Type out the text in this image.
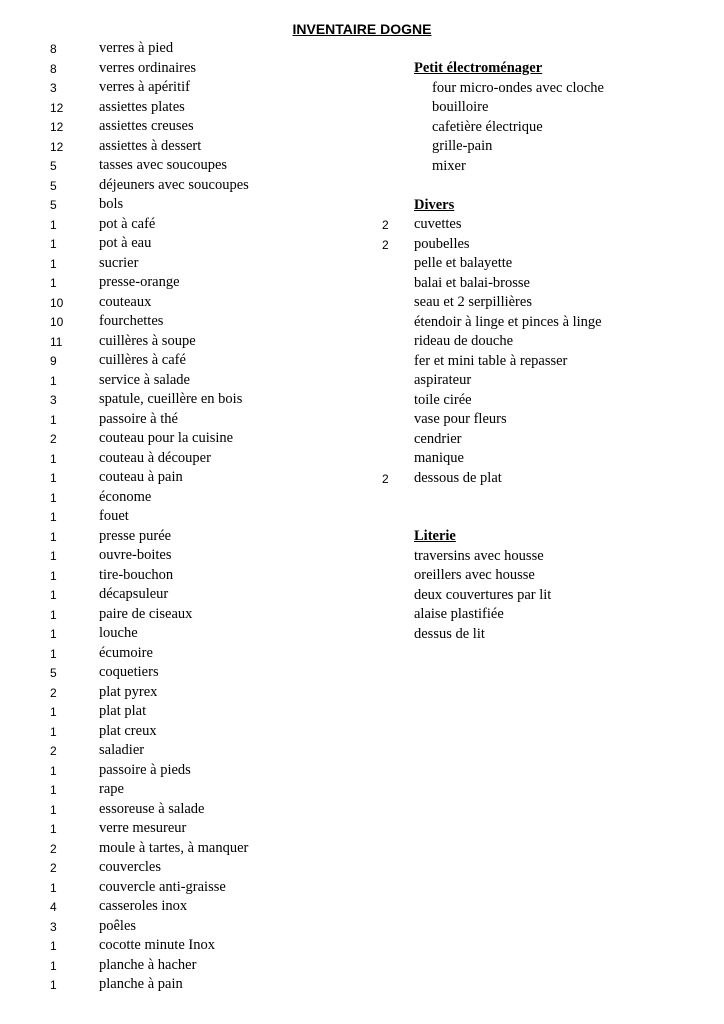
INVENTAIRE DOGNE
8	verres à pied
8	verres ordinaires
3	verres à apéritif
12 assiettes plates
12 assiettes creuses
12 assiettes à dessert
5	tasses avec soucoupes
5	déjeuners avec soucoupes
5	bols
1	pot à café
1	pot à eau
1	sucrier
1	presse-orange
10 couteaux
10 fourchettes
11	cuillères à soupe
9	cuillères à café
1	service à salade
3	spatule, cueillère en bois
1	passoire à thé
2	couteau pour la cuisine
1	couteau à découper
1	couteau à pain
1	économe
1	fouet
1	presse purée
1	ouvre-boites
1	tire-bouchon
1	décapsuleur
1	paire de ciseaux
1	louche
1	écumoire
5	coquetiers
2	plat pyrex
1	plat plat
1	plat creux
2	saladier
1	passoire à pieds
1	rape
1	essoreuse à salade
1	verre mesureur
2	moule à tartes, à manquer
2	couvercles
1	couvercle anti-graisse
4	casseroles inox
3	poêles
1	cocotte minute Inox
1	planche à hacher
1	planche à pain
Petit électroménager
four micro-ondes avec cloche
bouilloire
cafetière électrique
grille-pain
mixer
Divers
2 cuvettes
2 poubelles
pelle et balayette
balai et balai-brosse
seau et 2 serpillières
étendoir à linge et pinces à linge
rideau de douche
fer et mini table à repasser
aspirateur
toile cirée
vase pour fleurs
cendrier
manique
2 dessous de plat
Literie
traversins avec housse
oreillers avec housse
deux couvertures par lit
alaise plastifiée
dessus de lit
